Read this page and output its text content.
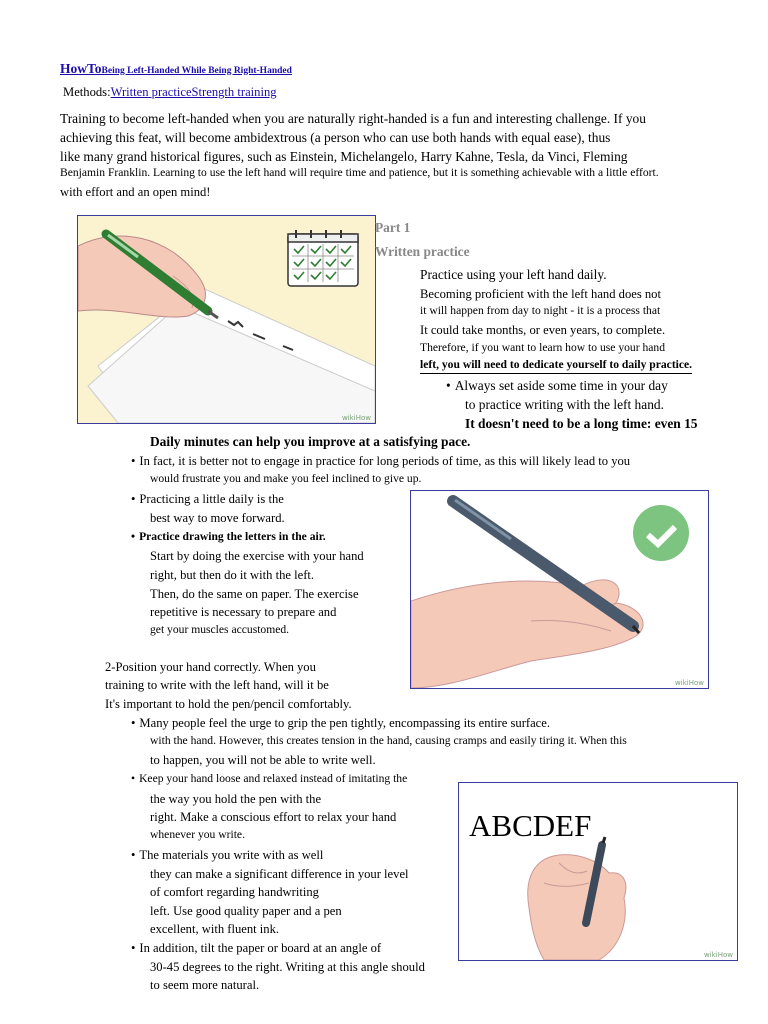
HowToBeing Left-Handed While Being Right-Handed
Methods:Written practiceStrength training
Training to become left-handed when you are naturally right-handed is a fun and interesting challenge. If you
achieving this feat, will become ambidextrous (a person who can use both hands with equal ease), thus
like many grand historical figures, such as Einstein, Michelangelo, Harry Kahne, Tesla, da Vinci, Fleming
Benjamin Franklin. Learning to use the left hand will require time and patience, but it is something achievable with a little effort.
with effort and an open mind!
wikiHow
Part 1
Written practice
Practice using your left hand daily.
Becoming proficient with the left hand does not
it will happen from day to night - it is a process that
It could take months, or even years, to complete.
Therefore, if you want to learn how to use your hand
left, you will need to dedicate yourself to daily practice.
• Always set aside some time in your day
to practice writing with the left hand.
It doesn't need to be a long time: even 15
Daily minutes can help you improve at a satisfying pace.
• In fact, it is better not to engage in practice for long periods of time, as this will likely lead to you
would frustrate you and make you feel inclined to give up.
• Practicing a little daily is the
best way to move forward.
• Practice drawing the letters in the air.
Start by doing the exercise with your hand
right, but then do it with the left.
Then, do the same on paper. The exercise
repetitive is necessary to prepare and
get your muscles accustomed.
wikiHow
2-Position your hand correctly. When you
training to write with the left hand, will it be
It's important to hold the pen/pencil comfortably.
• Many people feel the urge to grip the pen tightly, encompassing its entire surface.
with the hand. However, this creates tension in the hand, causing cramps and easily tiring it. When this
to happen, you will not be able to write well.
• Keep your hand loose and relaxed instead of imitating the
the way you hold the pen with the
right. Make a conscious effort to relax your hand
whenever you write.
• The materials you write with as well
they can make a significant difference in your level
of comfort regarding handwriting
left. Use good quality paper and a pen
excellent, with fluent ink.
• In addition, tilt the paper or board at an angle of
30-45 degrees to the right. Writing at this angle should
to seem more natural.
ABCDEF
wikiHow
